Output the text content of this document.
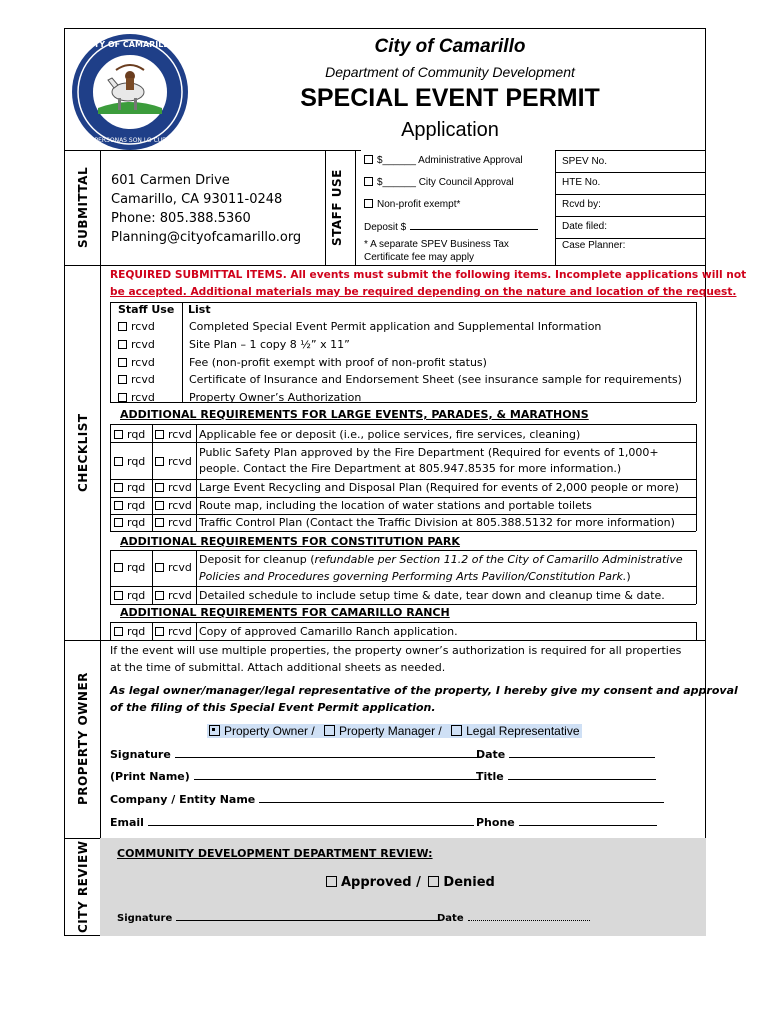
CITY OF CAMARILLO
LAS PERSONAS SON LO CUENTO
City of Camarillo
Department of Community Development
SPECIAL EVENT PERMIT
Application
SUBMITTAL	STAFF USE
CHECKLIST
PROPERTY OWNER
CITY REVIEW
601 Carmen Drive
Camarillo, CA 93011-0248
Phone: 805.388.5360
Planning@cityofcamarillo.org
$______ Administrative Approval
$______ City Council Approval
Non-profit exempt*
Deposit $
* A separate SPEV Business Tax
Certificate fee may apply
SPEV No.
HTE No.
Rcvd by:
Date filed:
Case Planner:
REQUIRED SUBMITTAL ITEMS. All events must submit the following items. Incomplete applications will not
be accepted. Additional materials may be required depending on the nature and location of the request.
Staff Use List
rcvd	Completed Special Event Permit application and Supplemental Information
rcvd	Site Plan – 1 copy 8 ½” x 11”
rcvd	Fee (non-profit exempt with proof of non-profit status)
rcvd	Certificate of Insurance and Endorsement Sheet (see insurance sample for requirements)
rcvd	Property Owner’s Authorization
ADDITIONAL REQUIREMENTS FOR LARGE EVENTS, PARADES, & MARATHONS
rqd	rcvd Applicable fee or deposit (i.e., police services, fire services, cleaning)
rqd	rcvd
Public Safety Plan approved by the Fire Department (Required for events of 1,000+
people. Contact the Fire Department at 805.947.8535 for more information.)
rqd	rcvd Large Event Recycling and Disposal Plan (Required for events of 2,000 people or more)
rqd	rcvd Route map, including the location of water stations and portable toilets
rqd	rcvd Traffic Control Plan (Contact the Traffic Division at 805.388.5132 for more information)
ADDITIONAL REQUIREMENTS FOR CONSTITUTION PARK
rqd	rcvd
Deposit for cleanup (refundable per Section 11.2 of the City of Camarillo Administrative
Policies and Procedures governing Performing Arts Pavilion/Constitution Park.)
rqd	rcvd Detailed schedule to include setup time & date, tear down and cleanup time & date.
ADDITIONAL REQUIREMENTS FOR CAMARILLO RANCH
rqd	rcvd Copy of approved Camarillo Ranch application.
If the event will use multiple properties, the property owner’s authorization is required for all properties
at the time of submittal. Attach additional sheets as needed.
As legal owner/manager/legal representative of the property, I hereby give my consent and approval
of the filing of this Special Event Permit application.
Property Owner / Property Manager / Legal Representative
Signature	Date
(Print Name)	Title
Company / Entity Name
Email	Phone
COMMUNITY DEVELOPMENT DEPARTMENT REVIEW:
Approved / Denied
Signature	Date
